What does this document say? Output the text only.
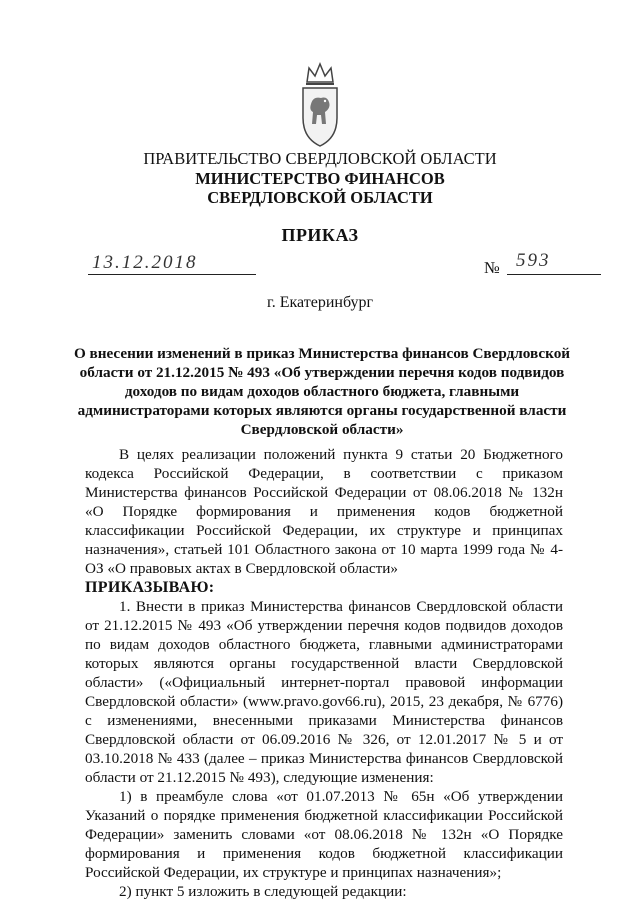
ПРАВИТЕЛЬСТВО СВЕРДЛОВСКОЙ ОБЛАСТИ
МИНИСТЕРСТВО ФИНАНСОВ
СВЕРДЛОВСКОЙ ОБЛАСТИ
ПРИКАЗ
13.12.2018	№ 593
г. Екатеринбург
О внесении изменений в приказ Министерства финансов Свердловской области от 21.12.2015 № 493 «Об утверждении перечня кодов подвидов доходов по видам доходов областного бюджета, главными администраторами которых являются органы государственной власти Свердловской области»

В целях реализации положений пункта 9 статьи 20 Бюджетного кодекса Российской Федерации, в соответствии с приказом Министерства финансов Российской Федерации от 08.06.2018 № 132н «О Порядке формирования и применения кодов бюджетной классификации Российской Федерации, их структуре и принципах назначения», статьей 101 Областного закона от 10 марта 1999 года № 4-ОЗ «О правовых актах в Свердловской области»

ПРИКАЗЫВАЮ:

1. Внести в приказ Министерства финансов Свердловской области от 21.12.2015 № 493 «Об утверждении перечня кодов подвидов доходов по видам доходов областного бюджета, главными администраторами которых являются органы государственной власти Свердловской области» («Официальный интернет-портал правовой информации Свердловской области» (www.pravo.gov66.ru), 2015, 23 декабря, № 6776) с изменениями, внесенными приказами Министерства финансов Свердловской области от 06.09.2016 № 326, от 12.01.2017 № 5 и от 03.10.2018 № 433 (далее – приказ Министерства финансов Свердловской области от 21.12.2015 № 493), следующие изменения:

1) в преамбуле слова «от 01.07.2013 № 65н «Об утверждении Указаний о порядке применения бюджетной классификации Российской Федерации» заменить словами «от 08.06.2018 № 132н «О Порядке формирования и применения кодов бюджетной классификации Российской Федерации, их структуре и принципах назначения»;

2) пункт 5 изложить в следующей редакции:
